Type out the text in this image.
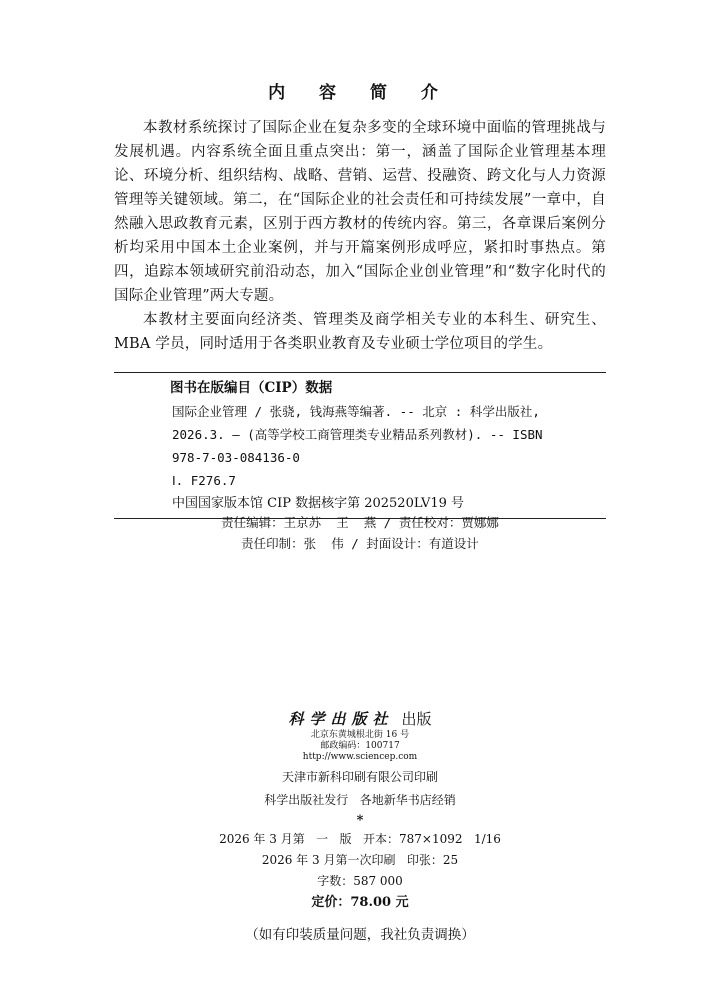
内 容 简 介

本教材系统探讨了国际企业在复杂多变的全球环境中面临的管理挑战与发展机遇。内容系统全面且重点突出：第一，涵盖了国际企业管理基本理论、环境分析、组织结构、战略、营销、运营、投融资、跨文化与人力资源管理等关键领域。第二，在“国际企业的社会责任和可持续发展”一章中，自然融入思政教育元素，区别于西方教材的传统内容。第三，各章课后案例分析均采用中国本土企业案例，并与开篇案例形成呼应，紧扣时事热点。第四，追踪本领域研究前沿动态，加入“国际企业创业管理”和“数字化时代的国际企业管理”两大专题。

本教材主要面向经济类、管理类及商学相关专业的本科生、研究生、MBA 学员，同时适用于各类职业教育及专业硕士学位项目的学生。

图书在版编目（CIP）数据
国际企业管理 / 张骁, 钱海燕等编著. -- 北京 : 科学出版社,
2026.3. — (高等学校工商管理类专业精品系列教材). -- ISBN
978-7-03-084136-0
Ⅰ. F276.7
中国国家版本馆 CIP 数据核字第 202520LV19 号
责任编辑：王京苏  王  燕 / 责任校对：贾娜娜
责任印制：张  伟 / 封面设计：有道设计
科学出版社 出版
北京东黄城根北街 16 号
邮政编码：100717
http://www.sciencep.com
天津市新科印刷有限公司印刷
科学出版社发行   各地新华书店经销
*
2026 年 3 月第   一   版   开本：787×1092   1/16
2026 年 3 月第一次印刷   印张：25
字数：587 000
定价：78.00 元
（如有印装质量问题，我社负责调换）
